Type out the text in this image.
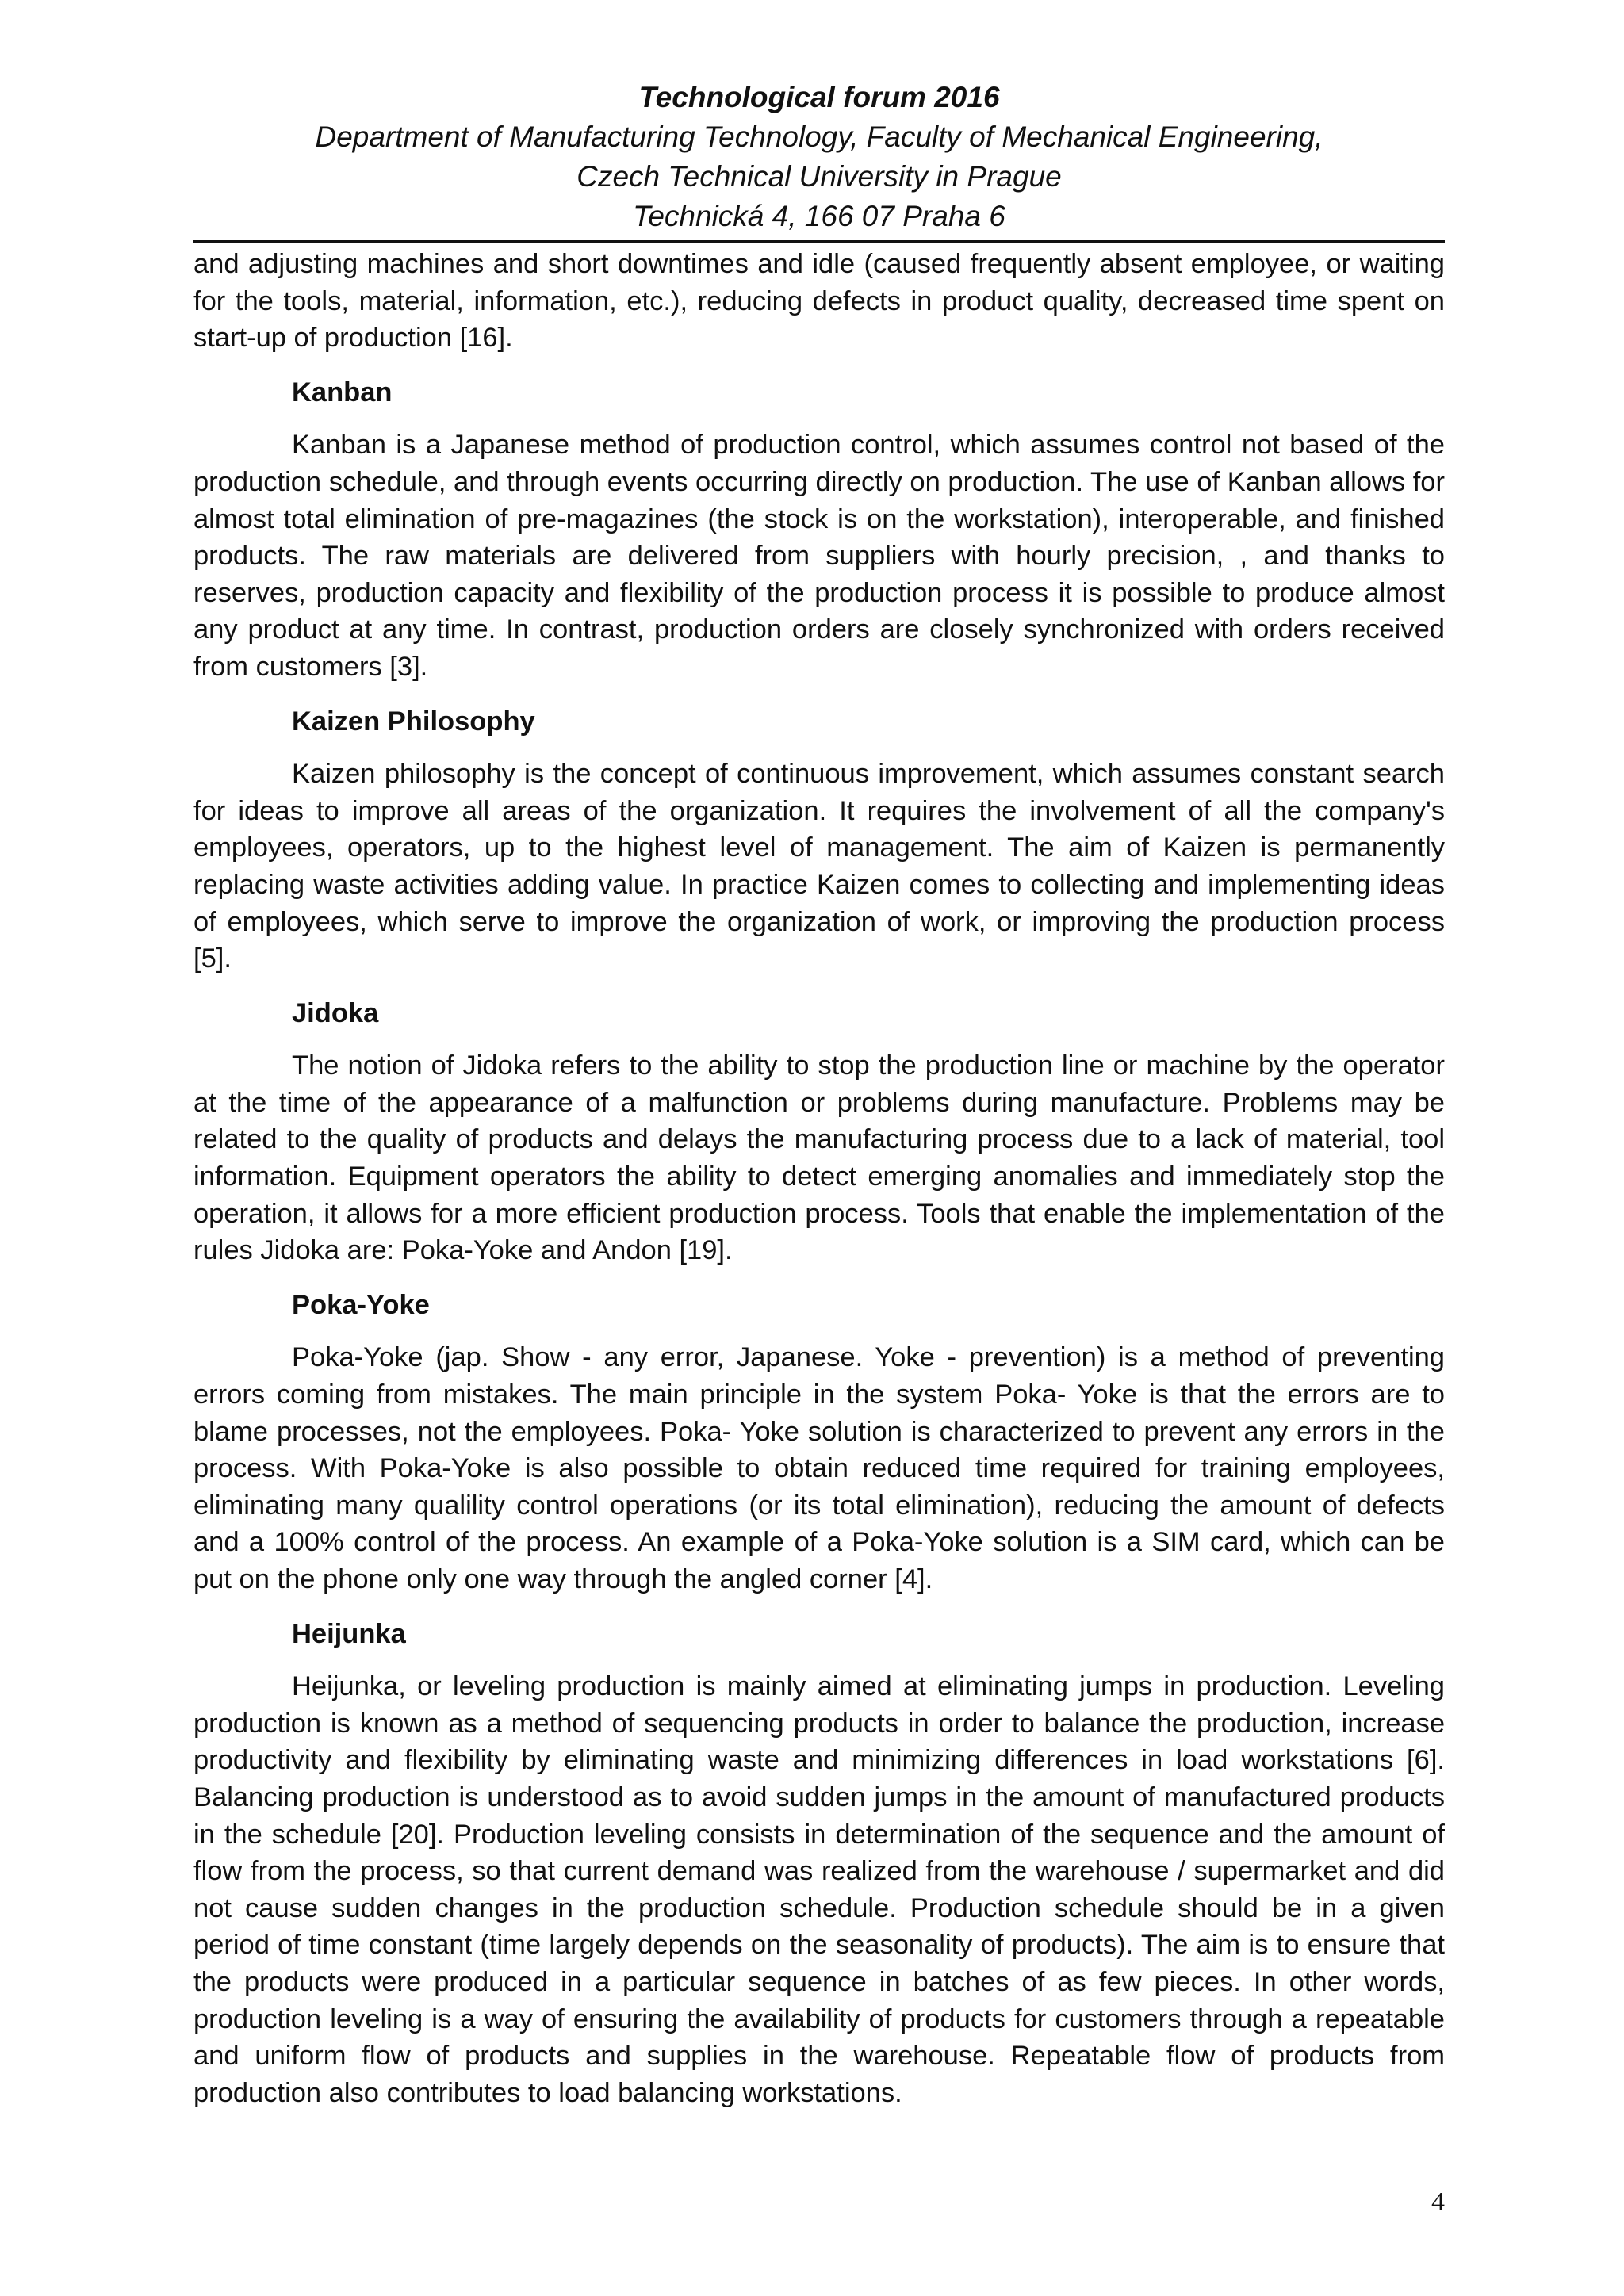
Technological forum 2016
Department of Manufacturing Technology, Faculty of Mechanical Engineering,
Czech Technical University in Prague
Technická 4, 166 07 Praha 6

and adjusting machines and short downtimes and idle (caused frequently absent employee, or waiting for the tools, material, information, etc.), reducing defects in product quality, decreased time spent on start-up of production [16].

Kanban

Kanban is a Japanese method of production control, which assumes control not based of the production schedule, and through events occurring directly on production. The use of Kanban allows for almost total elimination of pre-magazines (the stock is on the workstation), interoperable, and finished products. The raw materials are delivered from suppliers with hourly precision, , and thanks to reserves, production capacity and flexibility of the production process it is possible to produce almost any product at any time. In contrast, production orders are closely synchronized with orders received from customers [3].

Kaizen Philosophy

Kaizen philosophy is the concept of continuous improvement, which assumes constant search for ideas to improve all areas of the organization. It requires the involvement of all the company's employees, operators, up to the highest level of management. The aim of Kaizen is permanently replacing waste activities adding value. In practice Kaizen comes to collecting and implementing ideas of employees, which serve to improve the organization of work, or improving the production process [5].

Jidoka

The notion of Jidoka refers to the ability to stop the production line or machine by the operator at the time of the appearance of a malfunction or problems during manufacture. Problems may be related to the quality of products and delays the manufacturing process due to a lack of material, tool information. Equipment operators the ability to detect emerging anomalies and immediately stop the operation, it allows for a more efficient production process. Tools that enable the implementation of the rules Jidoka are: Poka-Yoke and Andon [19].

Poka-Yoke

Poka-Yoke (jap. Show - any error, Japanese. Yoke - prevention) is a method of preventing errors coming from mistakes. The main principle in the system Poka- Yoke is that the errors are to blame processes, not the employees. Poka- Yoke solution is characterized to prevent any errors in the process. With Poka-Yoke is also possible to obtain reduced time required for training employees, eliminating many qualility control operations (or its total elimination), reducing the amount of defects and a 100% control of the process. An example of a Poka-Yoke solution is a SIM card, which can be put on the phone only one way through the angled corner [4].

Heijunka

Heijunka, or leveling production is mainly aimed at eliminating jumps in production. Leveling production is known as a method of sequencing products in order to balance the production, increase productivity and flexibility by eliminating waste and minimizing differences in load workstations [6]. Balancing production is understood as to avoid sudden jumps in the amount of manufactured products in the schedule [20]. Production leveling consists in determination of the sequence and the amount of flow from the process, so that current demand was realized from the warehouse / supermarket and did not cause sudden changes in the production schedule. Production schedule should be in a given period of time constant (time largely depends on the seasonality of products). The aim is to ensure that the products were produced in a particular sequence in batches of as few pieces. In other words, production leveling is a way of ensuring the availability of products for customers through a repeatable and uniform flow of products and supplies in the warehouse. Repeatable flow of products from production also contributes to load balancing workstations.

4
